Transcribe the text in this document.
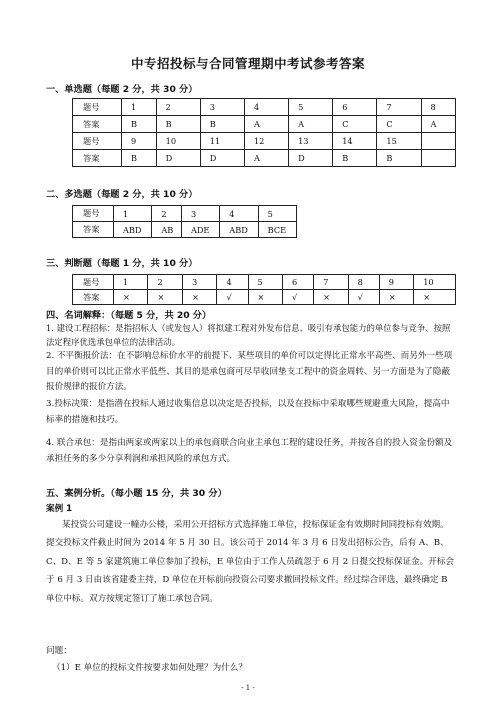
中专招投标与合同管理期中考试参考答案
一、单选题（每题 2 分，共 30 分）
题号	1	2	3	4	5	6	7	8
答案	B	B	B	A	A	C	C	A
题号	9	10	11	12	13	14	15	
答案	B	D	D	A	D	B	B	
二、多选题（每题 2 分，共 10 分）
题号	1	2	3	4	5
答案	ABD	AB	ADE	ABD	BCE
三、判断题（每题 1 分，共 10 分）
题号	1	2	3	4	5	6	7	8	9	10
答案	×	×	×	√	×	√	×	√	×	×
四、名词解释：（每题 5 分，共 20 分）
1. 建设工程招标：是指招标人（或发包人）将拟建工程对外发布信息、吸引有承包能力的单位参与竞争、按照法定程序优选承包单位的法律活动。
2. 不平衡报价法：在不影响总标价水平的前提下、某些项目的单价可以定得比正常水平高些、而另外一些项目的单价则可以比正常水平低些、其目的是承包商可尽早收回垫支工程中的资金周转、另一方面是为了隐蔽报价规律的报价方法。
3.投标决策：是指潜在投标人通过收集信息以决定是否投标，以及在投标中采取哪些规避重大风险，提高中标率的措施和技巧。
4. 联合承包：是指由两家或两家以上的承包商联合向业主承包工程的建设任务，并按各自的投入资金份额及承担任务的多少分享利润和承担风险的承包方式。
五、案例分析。（每小题 15 分，共 30 分）
案例 1
某投资公司建设一幢办公楼，采用公开招标方式选择施工单位，投标保证金有效期时间同投标有效期。提交投标文件截止时间为 2014 年 5 月 30 日。该公司于 2014 年 3 月 6 日发出招标公告，后有 A、B、C、D、E 等 5 家建筑施工单位参加了投标，E 单位由于工作人员疏忽于 6 月 2 日提交投标保证金。开标会于 6 月 3 日由该省建委主持，D 单位在开标前向投资公司要求撤回投标文件。经过综合评选，最终确定 B 单位中标。双方按规定签订了施工承包合同。
问题：
（1）E 单位的投标文件按要求如何处理？为什么？
- 1 -
